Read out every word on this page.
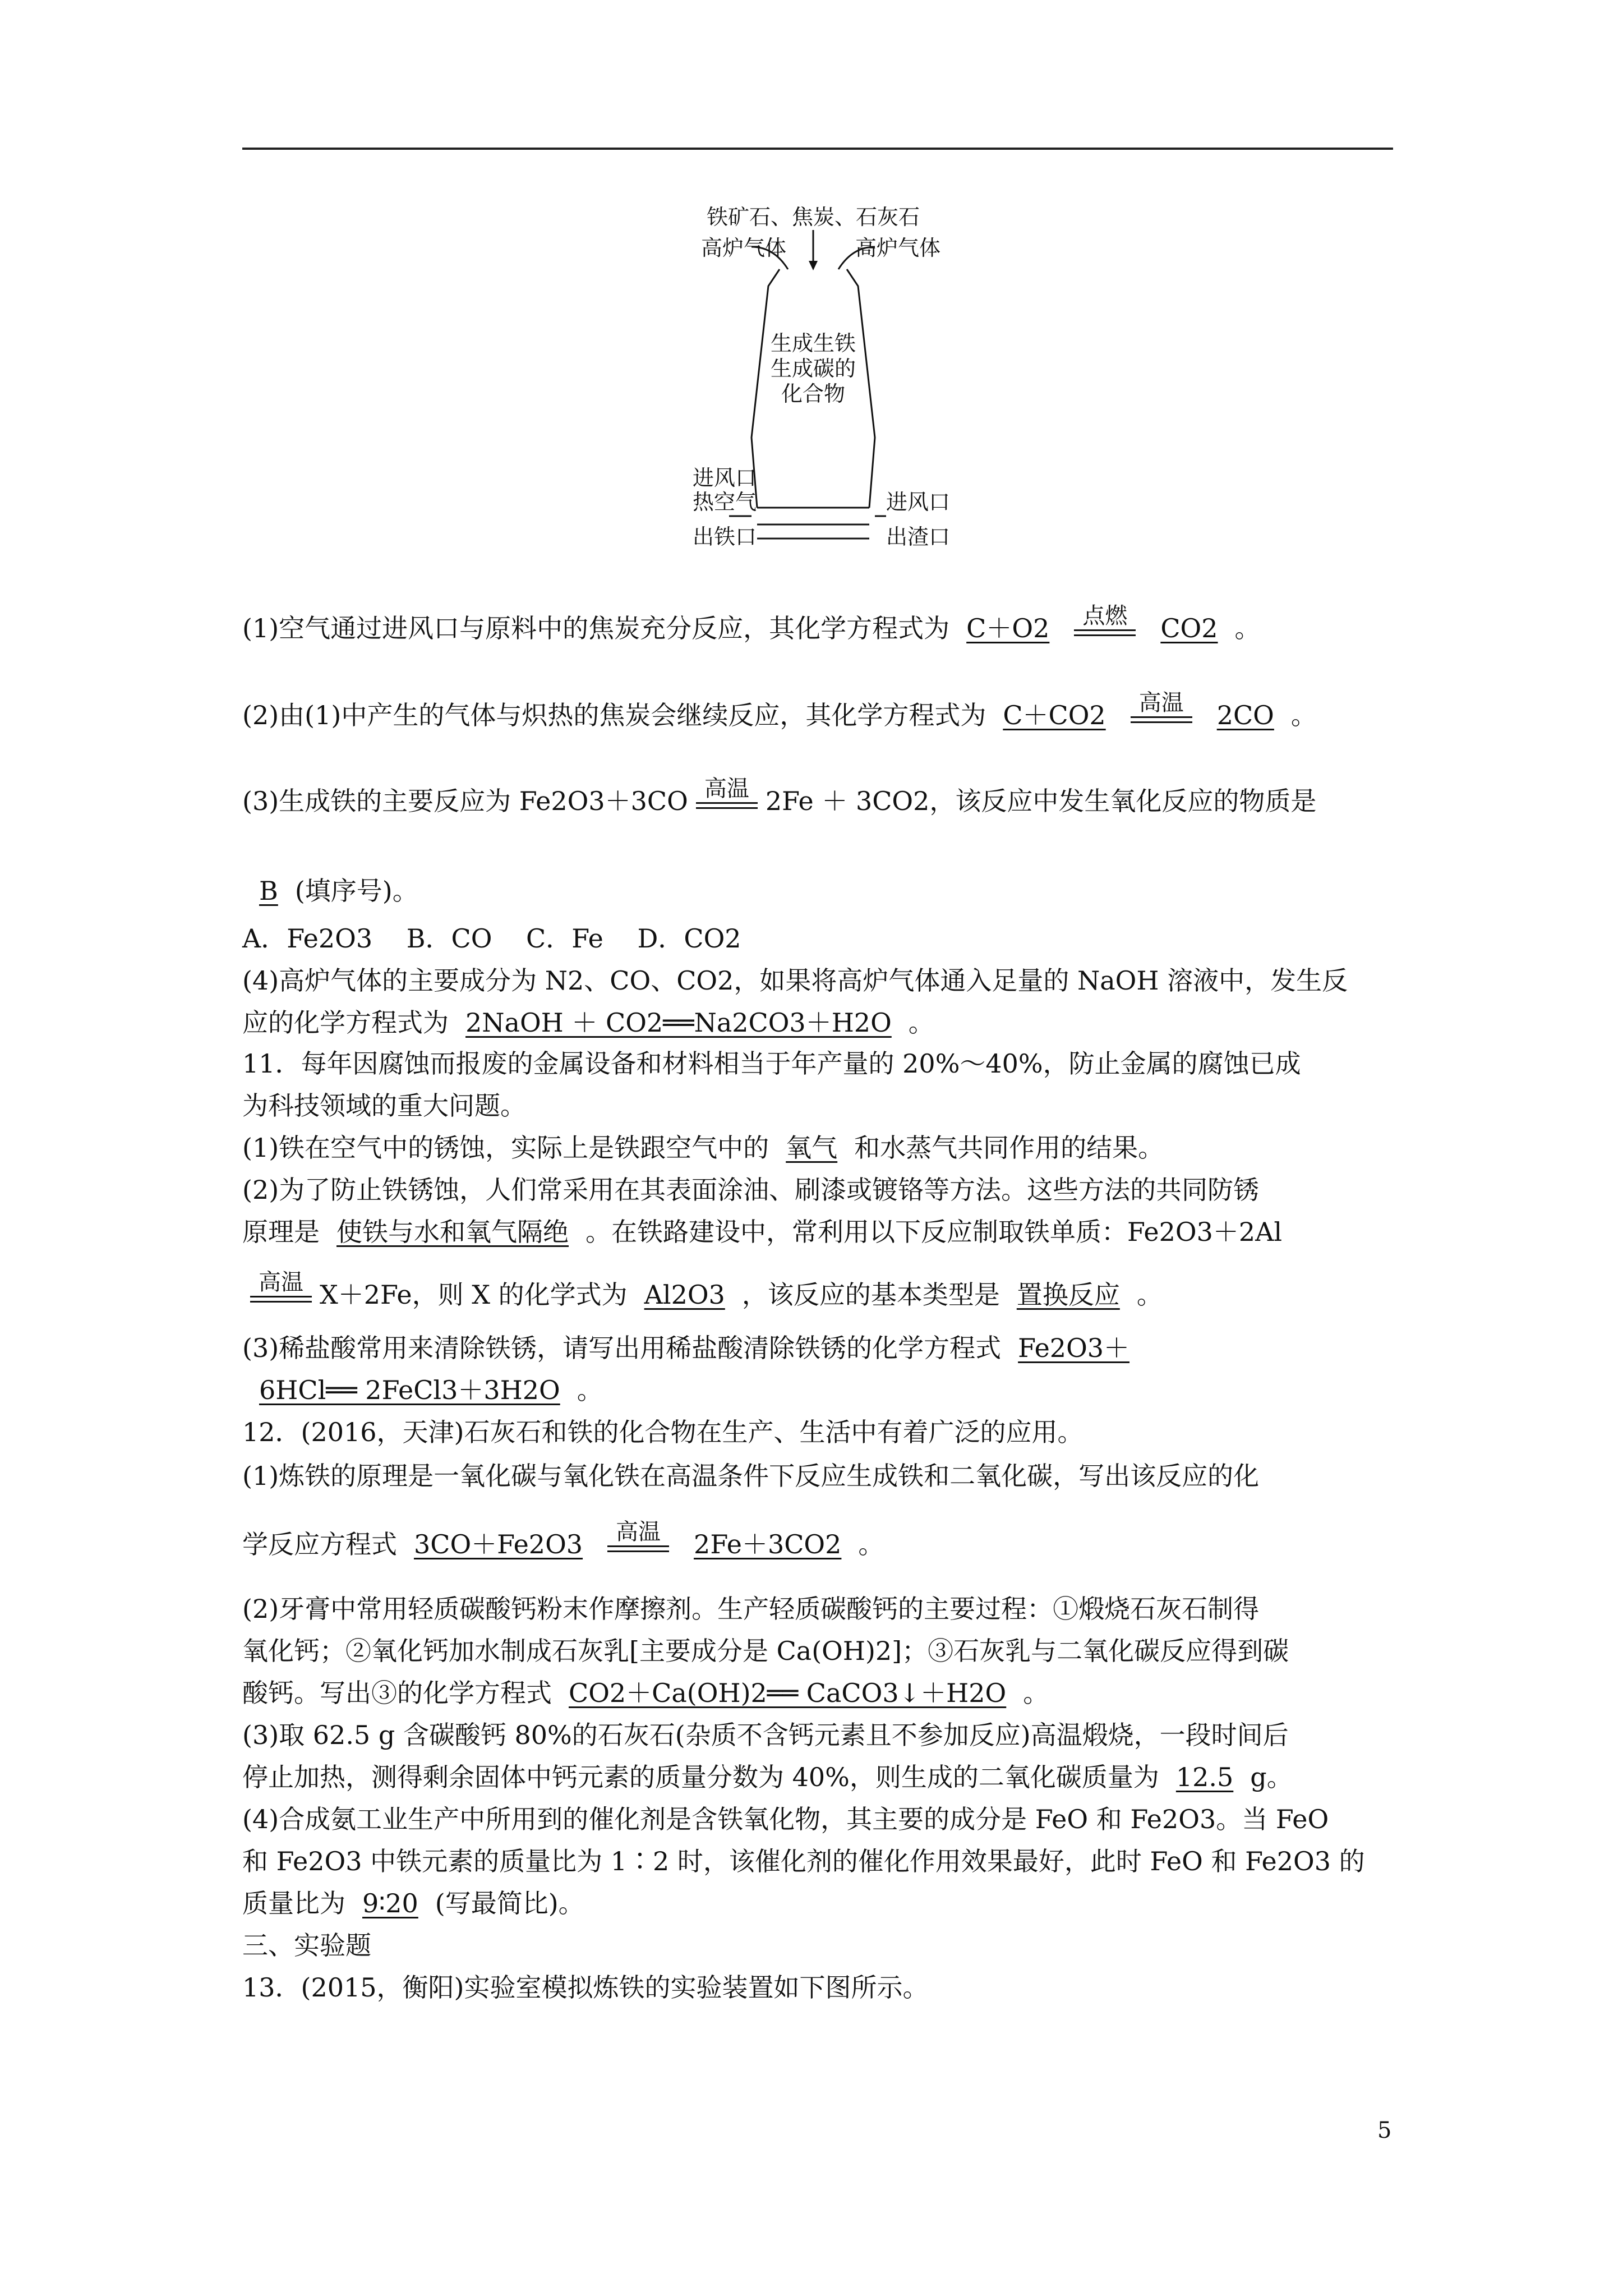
铁矿石、焦炭、石灰石
高炉气体	高炉气体
生成生铁
生成碳的
化合物
进风口
热空气	进风口
出铁口	出渣口
(1)空气通过进风口与原料中的焦炭充分反应，其化学方程式为 C＋O2	点燃	CO2 。
(2)由(1)中产生的气体与炽热的焦炭会继续反应，其化学方程式为 C＋CO2	高温	2CO 。
(3)生成铁的主要反应为 Fe2O3＋3CO 高温 2Fe ＋ 3CO2，该反应中发生氧化反应的物质是
B (填序号)。
A．Fe2O3　 B．CO　 C．Fe　 D．CO2
(4)高炉气体的主要成分为 N2、CO、CO2，如果将高炉气体通入足量的 NaOH 溶液中，发生反
应的化学方程式为 2NaOH ＋ CO2══Na2CO3＋H2O 。
11．每年因腐蚀而报废的金属设备和材料相当于年产量的 20%～40%，防止金属的腐蚀已成
为科技领域的重大问题。
(1)铁在空气中的锈蚀，实际上是铁跟空气中的 氧气 和水蒸气共同作用的结果。
(2)为了防止铁锈蚀，人们常采用在其表面涂油、刷漆或镀铬等方法。这些方法的共同防锈
原理是 使铁与水和氧气隔绝 。在铁路建设中，常利用以下反应制取铁单质：Fe2O3＋2Al
高温 X＋2Fe，则 X 的化学式为 Al2O3 ，该反应的基本类型是 置换反应 。
(3)稀盐酸常用来清除铁锈，请写出用稀盐酸清除铁锈的化学方程式 Fe2O3＋
6HCl══ 2FeCl3＋3H2O 。
12．(2016，天津)石灰石和铁的化合物在生产、生活中有着广泛的应用。
(1)炼铁的原理是一氧化碳与氧化铁在高温条件下反应生成铁和二氧化碳，写出该反应的化
学反应方程式 3CO＋Fe2O3	高温	2Fe＋3CO2 。
(2)牙膏中常用轻质碳酸钙粉末作摩擦剂。生产轻质碳酸钙的主要过程：①煅烧石灰石制得
氧化钙；②氧化钙加水制成石灰乳[主要成分是 Ca(OH)2]；③石灰乳与二氧化碳反应得到碳
酸钙。写出③的化学方程式 CO2＋Ca(OH)2══ CaCO3↓＋H2O 。
(3)取 62.5 g 含碳酸钙 80%的石灰石(杂质不含钙元素且不参加反应)高温煅烧，一段时间后
停止加热，测得剩余固体中钙元素的质量分数为 40%，则生成的二氧化碳质量为 12.5 g。
(4)合成氨工业生产中所用到的催化剂是含铁氧化物，其主要的成分是 FeO 和 Fe2O3。当 FeO
和 Fe2O3 中铁元素的质量比为 1∶2 时，该催化剂的催化作用效果最好，此时 FeO 和 Fe2O3 的
质量比为 9∶20 (写最简比)。
三、实验题
13．(2015，衡阳)实验室模拟炼铁的实验装置如下图所示。
5
